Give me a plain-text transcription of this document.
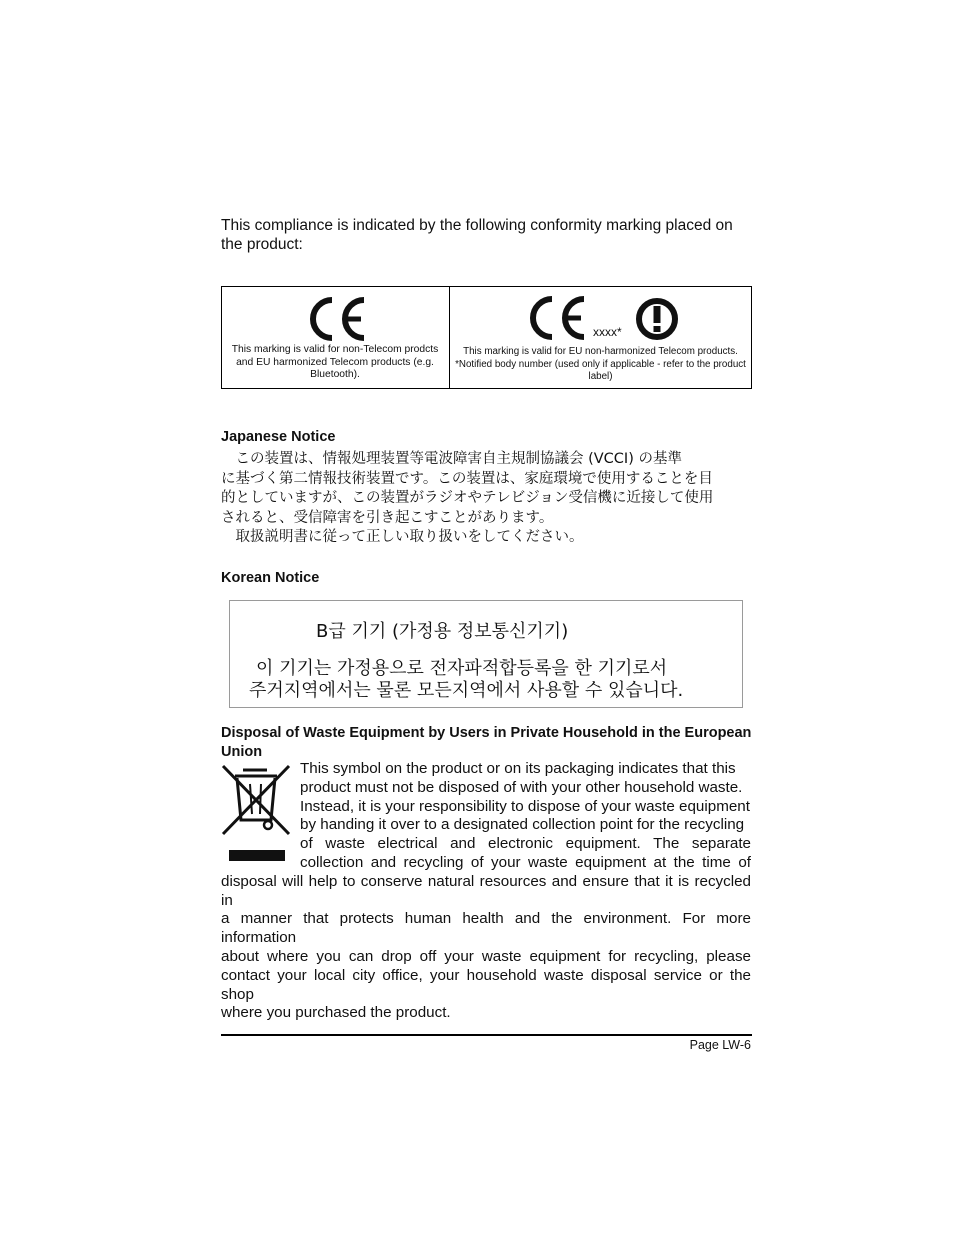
This compliance is indicated by the following conformity marking placed on
the product:
This marking is valid for non-Telecom prodcts
and EU harmonized Telecom products (e.g.
Bluetooth).
xxxx*
This marking is valid for EU non-harmonized Telecom products.
*Notified body number (used only if applicable - refer to the product
label)
Japanese Notice
　この装置は、情報処理装置等電波障害自主規制協議会 (VCCI) の基準
に基づく第二情報技術装置です。この装置は、家庭環境で使用することを目
的としていますが、この装置がラジオやテレビジョン受信機に近接して使用
されると、受信障害を引き起こすことがあります。
　取扱説明書に従って正しい取り扱いをしてください。
Korean Notice
B급 기기 (가정용 정보통신기기)
이 기기는 가정용으로 전자파적합등록을 한 기기로서
주거지역에서는 물론 모든지역에서 사용할 수 있습니다.
Disposal of Waste Equipment by Users in Private Household in the European
Union
This symbol on the product or on its packaging indicates that this
product must not be disposed of with your other household waste.
Instead, it is your responsibility to dispose of your waste equipment
by handing it over to a designated collection point for the recycling
of waste electrical and electronic equipment. The separate
collection and recycling of your waste equipment at the time of
disposal will help to conserve natural resources and ensure that it is recycled in
a manner that protects human health and the environment. For more information
about where you can drop off your waste equipment for recycling, please
contact your local city office, your household waste disposal service or the shop
where you purchased the product.
Page LW-6
